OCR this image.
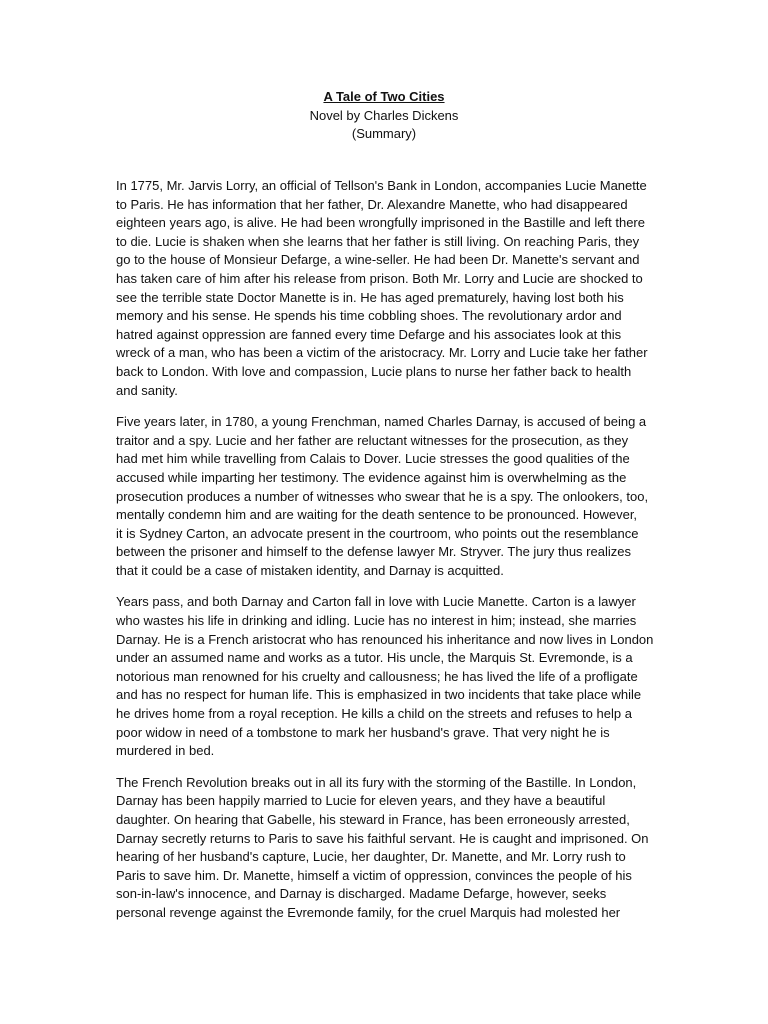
A Tale of Two Cities
Novel by Charles Dickens
(Summary)
In 1775, Mr. Jarvis Lorry, an official of Tellson's Bank in London, accompanies Lucie Manette
to Paris. He has information that her father, Dr. Alexandre Manette, who had disappeared
eighteen years ago, is alive. He had been wrongfully imprisoned in the Bastille and left there
to die. Lucie is shaken when she learns that her father is still living. On reaching Paris, they
go to the house of Monsieur Defarge, a wine-seller. He had been Dr. Manette's servant and
has taken care of him after his release from prison. Both Mr. Lorry and Lucie are shocked to
see the terrible state Doctor Manette is in. He has aged prematurely, having lost both his
memory and his sense. He spends his time cobbling shoes. The revolutionary ardor and
hatred against oppression are fanned every time Defarge and his associates look at this
wreck of a man, who has been a victim of the aristocracy. Mr. Lorry and Lucie take her father
back to London. With love and compassion, Lucie plans to nurse her father back to health
and sanity.
Five years later, in 1780, a young Frenchman, named Charles Darnay, is accused of being a
traitor and a spy. Lucie and her father are reluctant witnesses for the prosecution, as they
had met him while travelling from Calais to Dover. Lucie stresses the good qualities of the
accused while imparting her testimony. The evidence against him is overwhelming as the
prosecution produces a number of witnesses who swear that he is a spy. The onlookers, too,
mentally condemn him and are waiting for the death sentence to be pronounced. However,
it is Sydney Carton, an advocate present in the courtroom, who points out the resemblance
between the prisoner and himself to the defense lawyer Mr. Stryver. The jury thus realizes
that it could be a case of mistaken identity, and Darnay is acquitted.
Years pass, and both Darnay and Carton fall in love with Lucie Manette. Carton is a lawyer
who wastes his life in drinking and idling. Lucie has no interest in him; instead, she marries
Darnay. He is a French aristocrat who has renounced his inheritance and now lives in London
under an assumed name and works as a tutor. His uncle, the Marquis St. Evremonde, is a
notorious man renowned for his cruelty and callousness; he has lived the life of a profligate
and has no respect for human life. This is emphasized in two incidents that take place while
he drives home from a royal reception. He kills a child on the streets and refuses to help a
poor widow in need of a tombstone to mark her husband's grave. That very night he is
murdered in bed.
The French Revolution breaks out in all its fury with the storming of the Bastille. In London,
Darnay has been happily married to Lucie for eleven years, and they have a beautiful
daughter. On hearing that Gabelle, his steward in France, has been erroneously arrested,
Darnay secretly returns to Paris to save his faithful servant. He is caught and imprisoned. On
hearing of her husband's capture, Lucie, her daughter, Dr. Manette, and Mr. Lorry rush to
Paris to save him. Dr. Manette, himself a victim of oppression, convinces the people of his
son-in-law's innocence, and Darnay is discharged. Madame Defarge, however, seeks
personal revenge against the Evremonde family, for the cruel Marquis had molested her
